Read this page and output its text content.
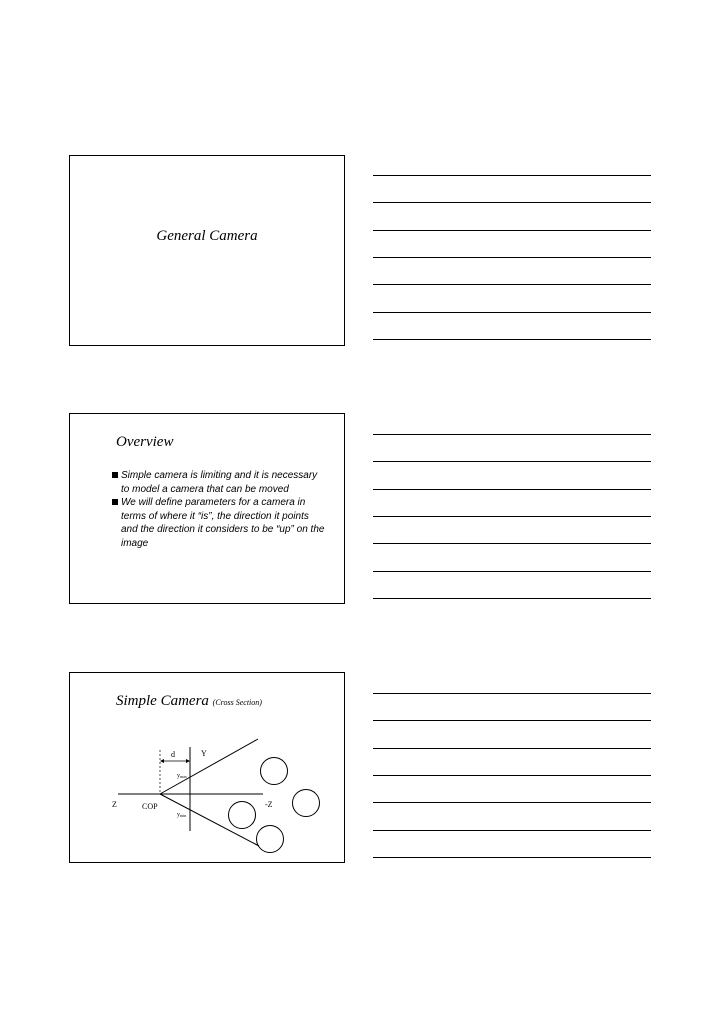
General Camera
Overview
Simple camera is limiting and it is necessary to model a camera that can be moved
We will define parameters for a camera in terms of where it “is”, the direction it points and the direction it considers to be “up” on the image
Simple Camera (Cross Section)
d	Y
ymax
ymin
Z	-Z
COP
